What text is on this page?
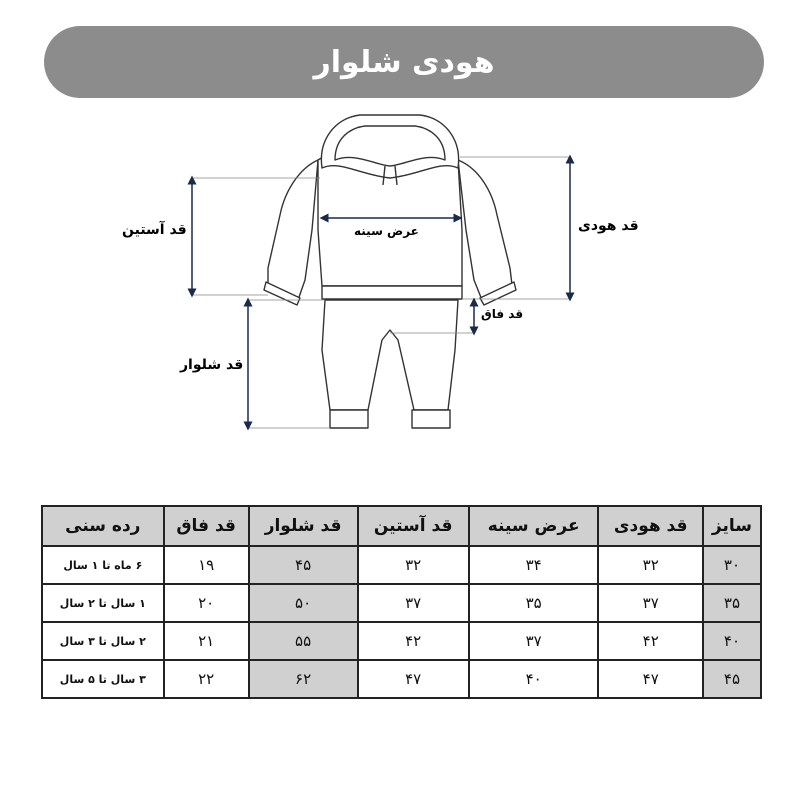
هودی شلوار
قد آستین	عرض سینه	قد هودی
قد فاق
قد شلوار
سایز	قد هودی	عرض سینه	قد آستین	قد شلوار	قد فاق	رده سنی
۳۰	۳۲	۳۴	۳۲	۴۵	۱۹	۶ ماه تا ۱ سال
۳۵	۳۷	۳۵	۳۷	۵۰	۲۰	۱ سال تا ۲ سال
۴۰	۴۲	۳۷	۴۲	۵۵	۲۱	۲ سال تا ۳ سال
۴۵	۴۷	۴۰	۴۷	۶۲	۲۲	۳ سال تا ۵ سال
